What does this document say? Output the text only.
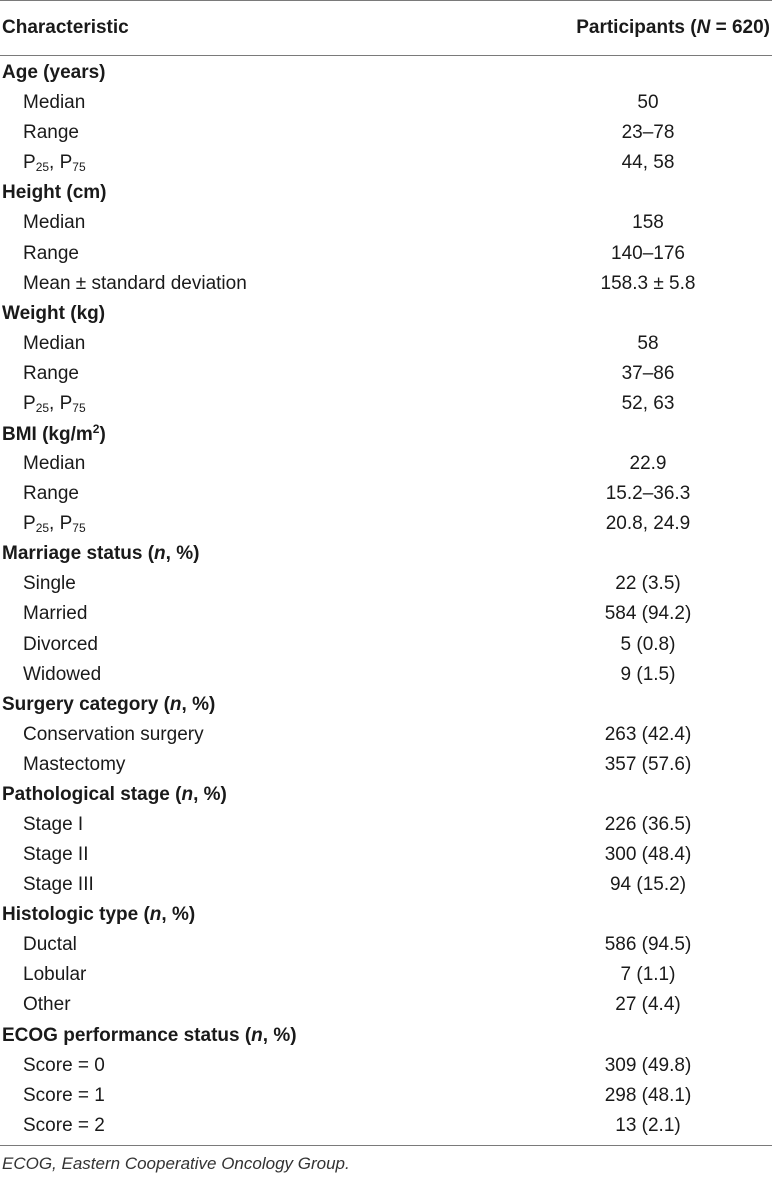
Characteristic	Participants (N = 620)
Age (years)
Median	50
Range	23–78
$P_{25}$, $P_{75}$	44, 58
Height (cm)
Median	158
Range	140–176
Mean ± standard deviation	158.3 ± 5.8
Weight (kg)
Median	58
Range	37–86
$P_{25}$, $P_{75}$	52, 63
BMI $(kg/m^2)$
Median	22.9
Range	15.2–36.3
$P_{25}$, $P_{75}$	20.8, 24.9
Marriage status (n, %)
Single	22 (3.5)
Married	584 (94.2)
Divorced	5 (0.8)
Widowed	9 (1.5)
Surgery category (n, %)
Conservation surgery	263 (42.4)
Mastectomy	357 (57.6)
Pathological stage (n, %)
Stage I	226 (36.5)
Stage II	300 (48.4)
Stage III	94 (15.2)
Histologic type (n, %)
Ductal	586 (94.5)
Lobular	7 (1.1)
Other	27 (4.4)
ECOG performance status (n, %)
Score = 0	309 (49.8)
Score = 1	298 (48.1)
Score = 2	13 (2.1)
ECOG, Eastern Cooperative Oncology Group.
